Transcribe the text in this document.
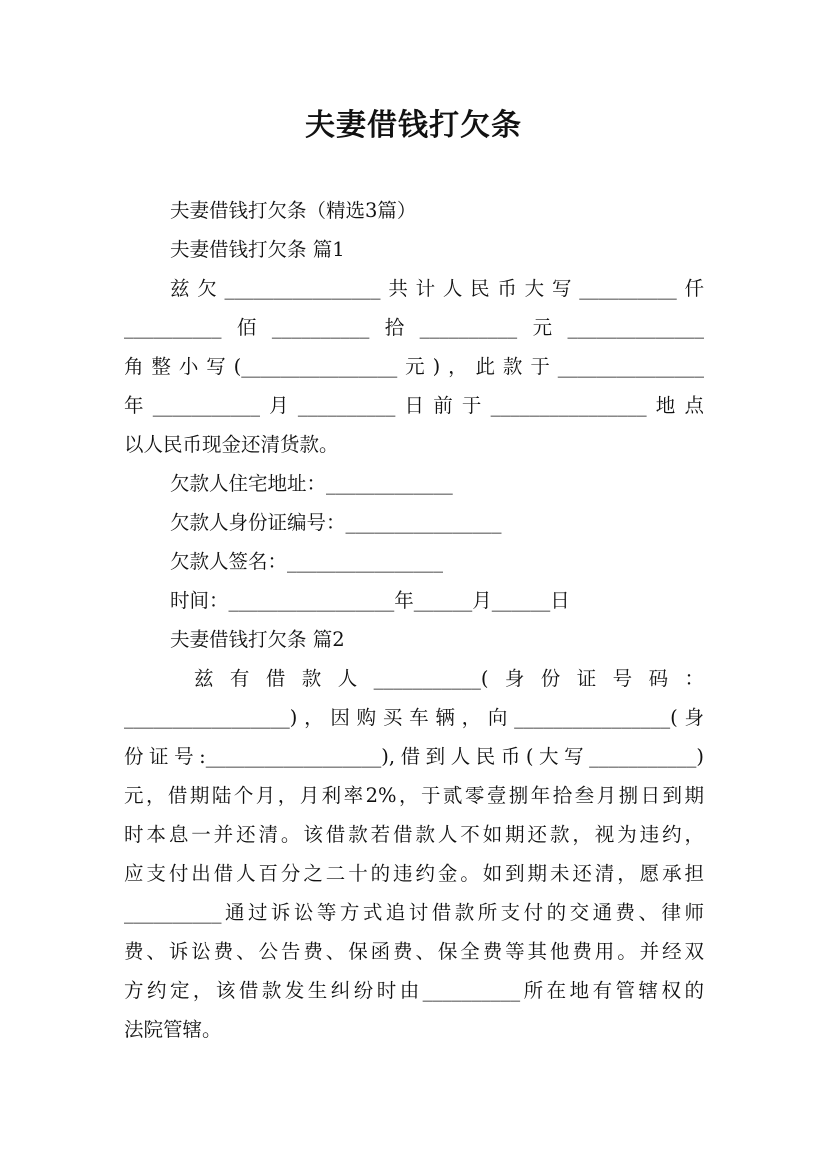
夫妻借钱打欠条
夫妻借钱打欠条（精选3篇）
夫妻借钱打欠条 篇1
兹欠________________共计人民币大写__________仟
__________佰__________拾__________元______________
角整小写(________________元)，此款于_______________
年___________月__________日前于________________地点
以人民币现金还清货款。
欠款人住宅地址：_____________
欠款人身份证编号：________________
欠款人签名：________________
时间：_________________年______月______日
夫妻借钱打欠条 篇2
兹有借款人___________(身份证号码：
_________________)，因购买车辆，向________________(身
份证号:__________________),借到人民币(大写___________)
元，借期陆个月，月利率2%，于贰零壹捌年拾叁月捌日到期
时本息一并还清。该借款若借款人不如期还款，视为违约，
应支付出借人百分之二十的违约金。如到期未还清，愿承担
__________通过诉讼等方式追讨借款所支付的交通费、律师
费、诉讼费、公告费、保函费、保全费等其他费用。并经双
方约定，该借款发生纠纷时由__________所在地有管辖权的
法院管辖。
